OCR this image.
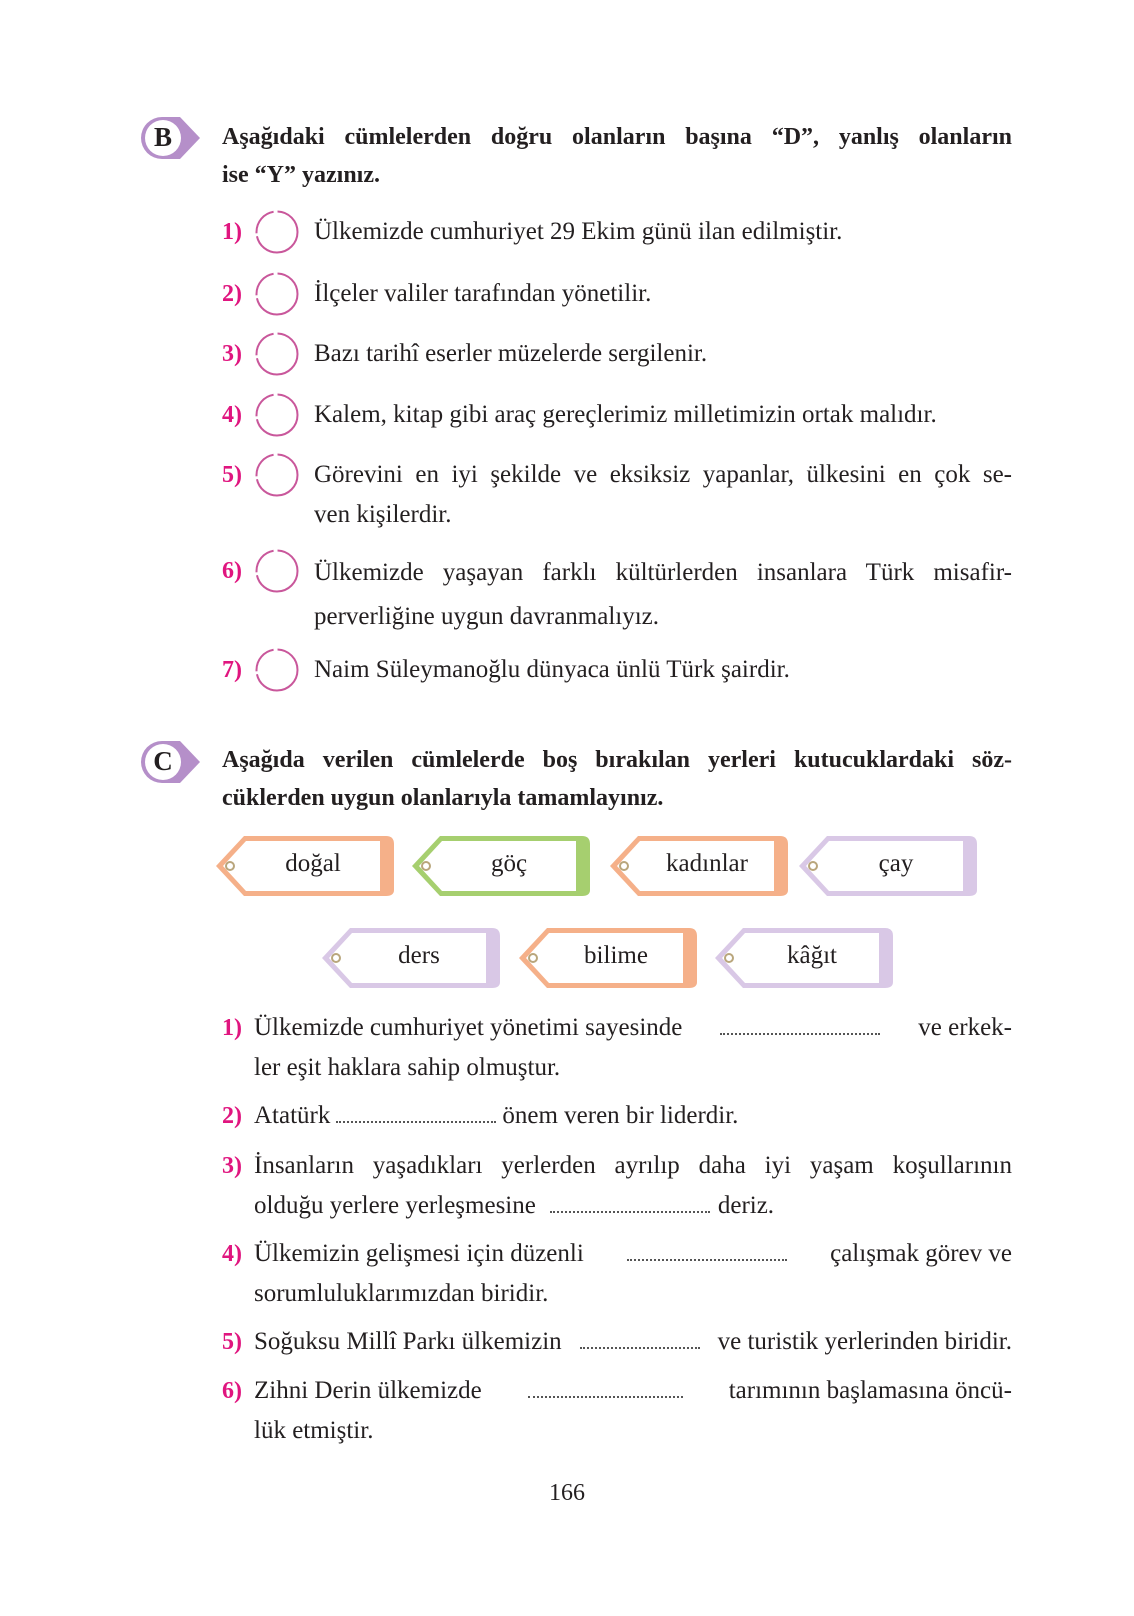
B	Aşağıdaki cümlelerden doğru olanların başına “D”, yanlış olanların
ise “Y” yazınız.
1)	Ülkemizde cumhuriyet 29 Ekim günü ilan edilmiştir.
2)	İlçeler valiler tarafından yönetilir.
3)	Bazı tarihî eserler müzelerde sergilenir.
4)	Kalem, kitap gibi araç gereçlerimiz milletimizin ortak malıdır.
5)	Görevini en iyi şekilde ve eksiksiz yapanlar, ülkesini en çok se-
ven kişilerdir.
6)	Ülkemizde yaşayan farklı kültürlerden insanlara Türk misafir-
perverliğine uygun davranmalıyız.
7)	Naim Süleymanoğlu dünyaca ünlü Türk şairdir.
C	Aşağıda verilen cümlelerde boş bırakılan yerleri kutucuklardaki söz-
cüklerden uygun olanlarıyla tamamlayınız.
doğal	göç	kadınlar	çay
ders	bilime	kâğıt
1) Ülkemizde cumhuriyet yönetimi sayesinde	ve erkek-
ler eşit haklara sahip olmuştur.
2) Atatürk	önem veren bir liderdir.
3) İnsanların yaşadıkları yerlerden ayrılıp daha iyi yaşam koşullarının
olduğu yerlere yerleşmesine	deriz.
4) Ülkemizin gelişmesi için düzenli	çalışmak görev ve
sorumluluklarımızdan biridir.
5) Soğuksu Millî Parkı ülkemizin	ve turistik yerlerinden biridir.
6) Zihni Derin ülkemizde	tarımının başlamasına öncü-
lük etmiştir.
166
